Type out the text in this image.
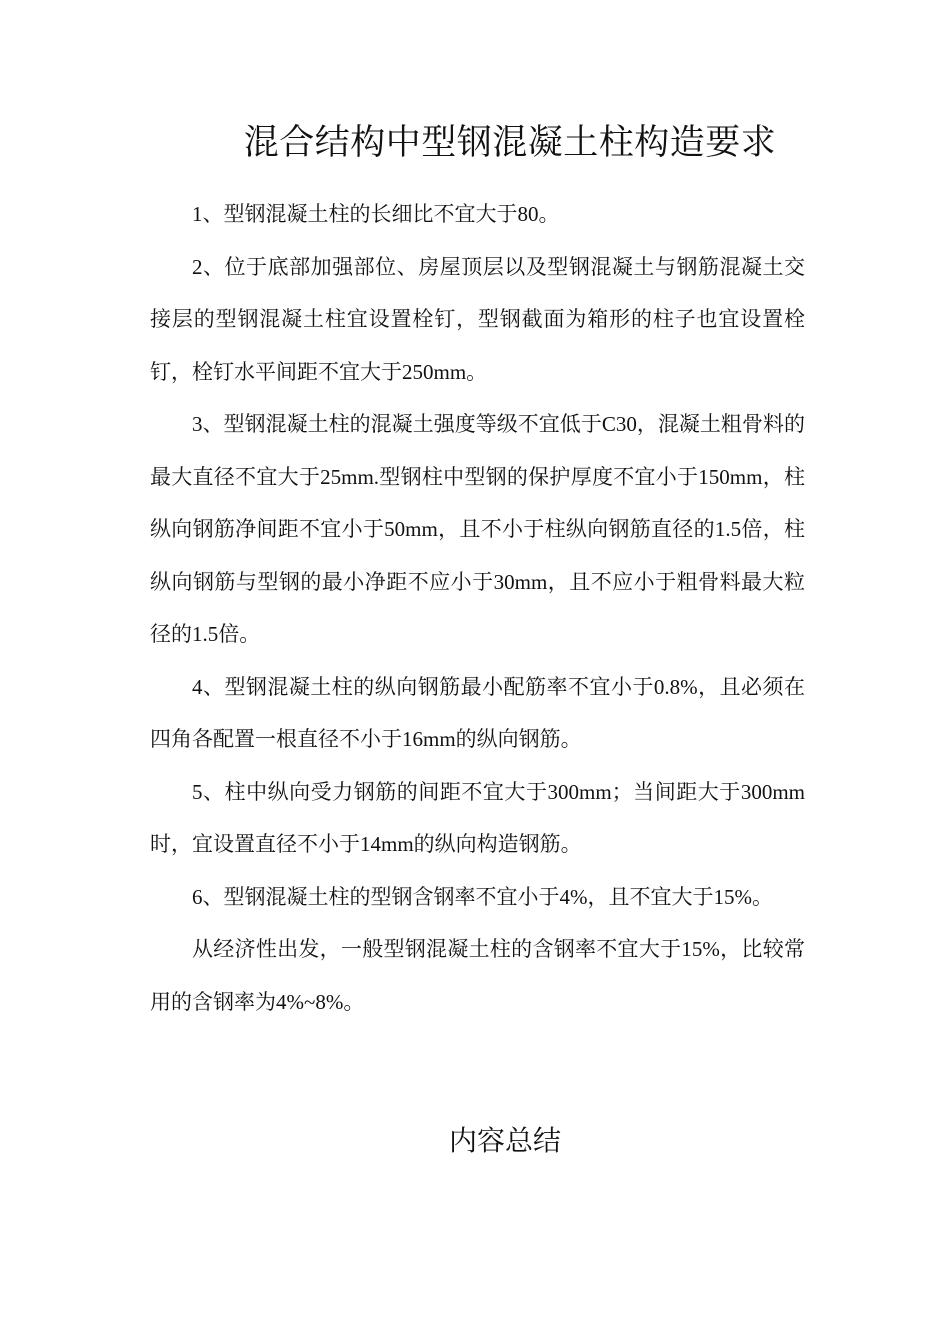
混合结构中型钢混凝土柱构造要求

1、型钢混凝土柱的长细比不宜大于80。

2、位于底部加强部位、房屋顶层以及型钢混凝土与钢筋混凝土交接层的型钢混凝土柱宜设置栓钉，型钢截面为箱形的柱子也宜设置栓钉，栓钉水平间距不宜大于250mm。

3、型钢混凝土柱的混凝土强度等级不宜低于C30，混凝土粗骨料的最大直径不宜大于25mm.型钢柱中型钢的保护厚度不宜小于150mm，柱纵向钢筋净间距不宜小于50mm，且不小于柱纵向钢筋直径的1.5倍，柱纵向钢筋与型钢的最小净距不应小于30mm，且不应小于粗骨料最大粒径的1.5倍。

4、型钢混凝土柱的纵向钢筋最小配筋率不宜小于0.8%，且必须在四角各配置一根直径不小于16mm的纵向钢筋。

5、柱中纵向受力钢筋的间距不宜大于300mm；当间距大于300mm时，宜设置直径不小于14mm的纵向构造钢筋。

6、型钢混凝土柱的型钢含钢率不宜小于4%，且不宜大于15%。

从经济性出发，一般型钢混凝土柱的含钢率不宜大于15%，比较常用的含钢率为4%~8%。

内容总结
